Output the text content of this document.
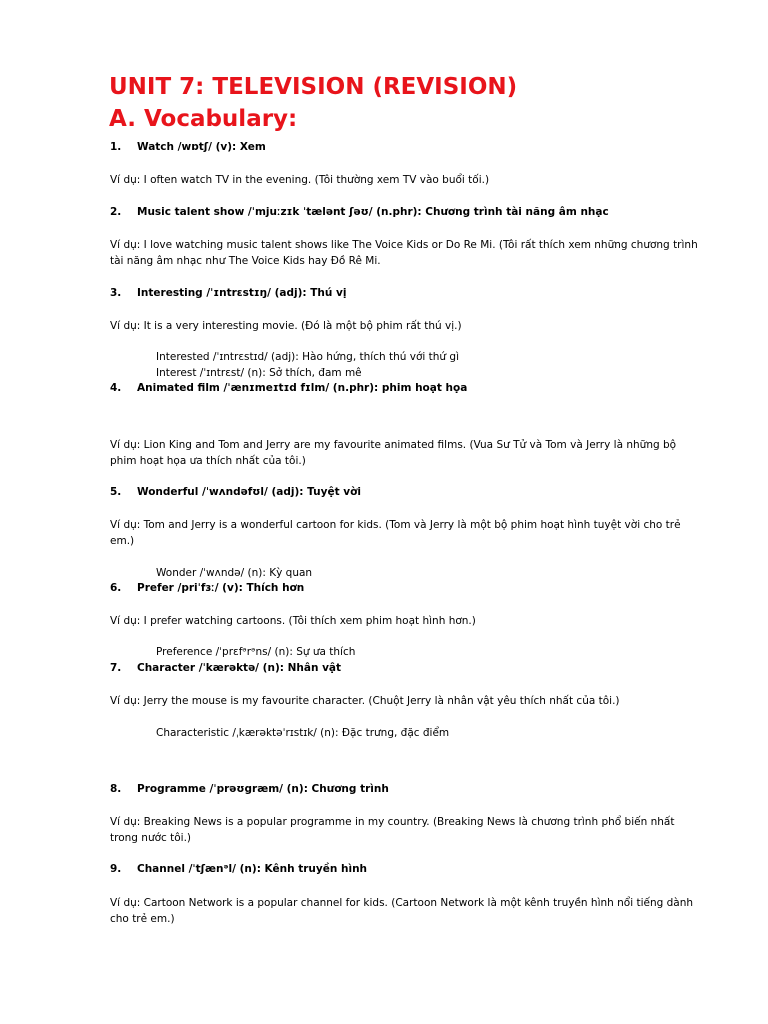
UNIT 7: TELEVISION (REVISION)
A. Vocabulary:
1. Watch /wɒtʃ/ (v): Xem
Ví dụ: I often watch TV in the evening. (Tôi thường xem TV vào buổi tối.)
2. Music talent show /ˈmjuːzɪk ˈtælənt ʃəʊ/ (n.phr): Chương trình tài năng âm nhạc
Ví dụ: I love watching music talent shows like The Voice Kids or Do Re Mi. (Tôi rất thích xem những chương trình tài năng âm nhạc như The Voice Kids hay Đồ Rê Mi.
3. Interesting /ˈɪntrɛstɪŋ/ (adj): Thú vị
Ví dụ: It is a very interesting movie. (Đó là một bộ phim rất thú vị.)
Interested /ˈɪntrɛstɪd/ (adj): Hào hứng, thích thú với thứ gì
Interest /ˈɪntrɛst/ (n): Sở thích, đam mê
4. Animated film /ˈænɪmeɪtɪd fɪlm/ (n.phr): phim hoạt họa
Ví dụ: Lion King and Tom and Jerry are my favourite animated films. (Vua Sư Tử và Tom và Jerry là những bộ phim hoạt họa ưa thích nhất của tôi.)
5. Wonderful /ˈwʌndəfʊl/ (adj): Tuyệt vời
Ví dụ: Tom and Jerry is a wonderful cartoon for kids. (Tom và Jerry là một bộ phim hoạt hình tuyệt vời cho trẻ em.)
Wonder /ˈwʌndə/ (n): Kỳ quan
6. Prefer /priˈfɜː/ (v): Thích hơn
Ví dụ: I prefer watching cartoons. (Tôi thích xem phim hoạt hình hơn.)
Preference /ˈprɛfᵊrᵊns/ (n): Sự ưa thích
7. Character /ˈkærəktə/ (n): Nhân vật
Ví dụ: Jerry the mouse is my favourite character. (Chuột Jerry là nhân vật yêu thích nhất của tôi.)
Characteristic /ˌkærəktəˈrɪstɪk/ (n): Đặc trưng, đặc điểm
8. Programme /ˈprəʊgræm/ (n): Chương trình
Ví dụ: Breaking News is a popular programme in my country. (Breaking News là chương trình phổ biến nhất trong nước tôi.)
9. Channel /ˈtʃænᵊl/ (n): Kênh truyền hình
Ví dụ: Cartoon Network is a popular channel for kids. (Cartoon Network là một kênh truyền hình nổi tiếng dành cho trẻ em.)
